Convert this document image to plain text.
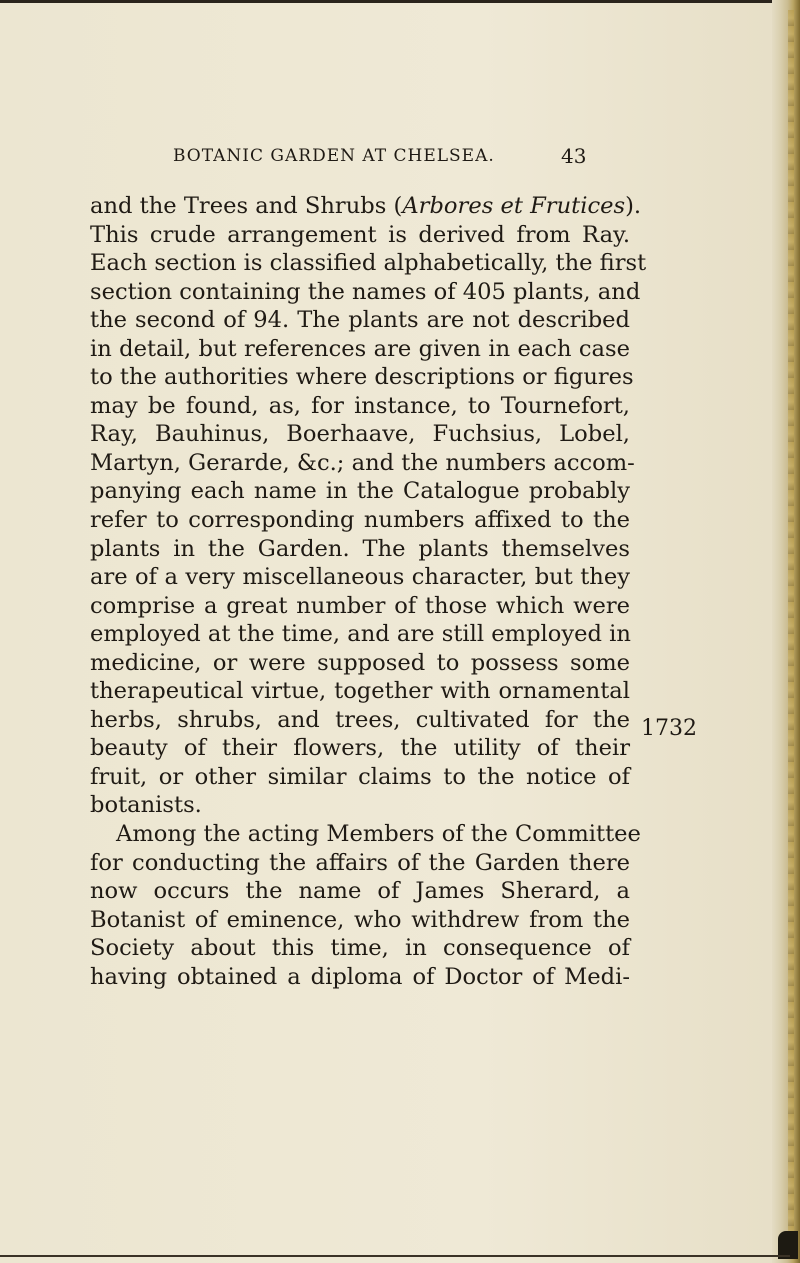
BOTANIC GARDEN AT CHELSEA.	43
and the Trees and Shrubs (Arbores et Frutices).
This crude arrangement is derived from Ray.
Each section is classified alphabetically, the first
section containing the names of 405 plants, and
the second of 94. The plants are not described
in detail, but references are given in each case
to the authorities where descriptions or figures
may be found, as, for instance, to Tournefort,
Ray, Bauhinus, Boerhaave, Fuchsius, Lobel,
Martyn, Gerarde, &c.; and the numbers accom-
panying each name in the Catalogue probably
refer to corresponding numbers affixed to the
plants in the Garden. The plants themselves
are of a very miscellaneous character, but they
comprise a great number of those which were
employed at the time, and are still employed in
medicine, or were supposed to possess some
therapeutical virtue, together with ornamental
herbs, shrubs, and trees, cultivated for the
beauty of their flowers, the utility of their
fruit, or other similar claims to the notice of
botanists.
Among the acting Members of the Committee
for conducting the affairs of the Garden there
now occurs the name of James Sherard, a
Botanist of eminence, who withdrew from the
Society about this time, in consequence of
having obtained a diploma of Doctor of Medi-
1732
